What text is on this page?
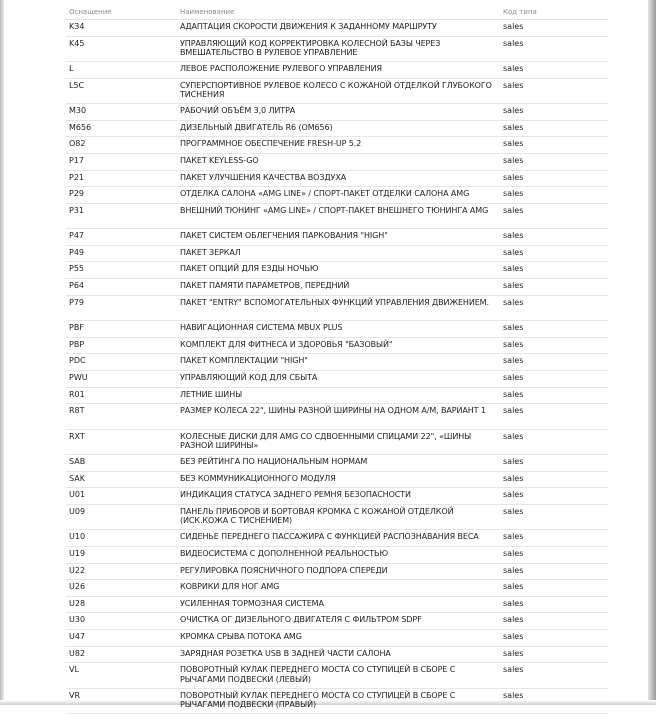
Оснащение	Наименование	Код типа
K34	АДАПТАЦИЯ СКОРОСТИ ДВИЖЕНИЯ К ЗАДАННОМУ МАРШРУТУ	sales
K45	УПРАВЛЯЮЩИЙ КОД КОРРЕКТИРОВКА КОЛЕСНОЙ БАЗЫ ЧЕРЕЗ ВМЕШАТЕЛЬСТВО В РУЛЕВОЕ УПРАВЛЕНИЕ	sales
L	ЛЕВОЕ РАСПОЛОЖЕНИЕ РУЛЕВОГО УПРАВЛЕНИЯ	sales
L5C	СУПЕРСПОРТИВНОЕ РУЛЕВОЕ КОЛЕСО С КОЖАНОЙ ОТДЕЛКОЙ ГЛУБОКОГО ТИСНЕНИЯ	sales
M30	РАБОЧИЙ ОБЪЁМ 3,0 ЛИТРА	sales
M656	ДИЗЕЛЬНЫЙ ДВИГАТЕЛЬ R6 (OM656)	sales
O82	ПРОГРАММНОЕ ОБЕСПЕЧЕНИЕ FRESH-UP 5.2	sales
P17	ПАКЕТ KEYLESS-GO	sales
P21	ПАКЕТ УЛУЧШЕНИЯ КАЧЕСТВА ВОЗДУХА	sales
P29	ОТДЕЛКА САЛОНА «AMG LINE» / СПОРТ-ПАКЕТ ОТДЕЛКИ САЛОНА AMG	sales
P31	ВНЕШНИЙ ТЮНИНГ «AMG LINE» / СПОРТ-ПАКЕТ ВНЕШНЕГО ТЮНИНГА AMG	sales
P47	ПАКЕТ СИСТЕМ ОБЛЕГЧЕНИЯ ПАРКОВАНИЯ "HIGH"	sales
P49	ПАКЕТ ЗЕРКАЛ	sales
P55	ПАКЕТ ОПЦИЙ ДЛЯ ЕЗДЫ НОЧЬЮ	sales
P64	ПАКЕТ ПАМЯТИ ПАРАМЕТРОВ, ПЕРЕДНИЙ	sales
P79	ПАКЕТ "ENTRY" ВСПОМОГАТЕЛЬНЫХ ФУНКЦИЙ УПРАВЛЕНИЯ ДВИЖЕНИЕМ.	sales
PBF	НАВИГАЦИОННАЯ СИСТЕМА MBUX PLUS	sales
PBP	КОМПЛЕКТ ДЛЯ ФИТНЕСА И ЗДОРОВЬЯ "БАЗОВЫЙ"	sales
PDC	ПАКЕТ КОМПЛЕКТАЦИИ "HIGH"	sales
PWU	УПРАВЛЯЮЩИЙ КОД ДЛЯ СБЫТА	sales
R01	ЛЕТНИЕ ШИНЫ	sales
R8T	РАЗМЕР КОЛЕСА 22", ШИНЫ РАЗНОЙ ШИРИНЫ НА ОДНОМ А/М, ВАРИАНТ 1	sales
RXT	КОЛЕСНЫЕ ДИСКИ ДЛЯ AMG СО СДВОЕННЫМИ СПИЦАМИ 22", «ШИНЫ РАЗНОЙ ШИРИНЫ»	sales
SAB	БЕЗ РЕЙТИНГА ПО НАЦИОНАЛЬНЫМ НОРМАМ	sales
SAK	БЕЗ КОММУНИКАЦИОННОГО МОДУЛЯ	sales
U01	ИНДИКАЦИЯ СТАТУСА ЗАДНЕГО РЕМНЯ БЕЗОПАСНОСТИ	sales
U09	ПАНЕЛЬ ПРИБОРОВ И БОРТОВАЯ КРОМКА С КОЖАНОЙ ОТДЕЛКОЙ (ИСК.КОЖА С ТИСНЕНИЕМ)	sales
U10	СИДЕНЬЕ ПЕРЕДНЕГО ПАССАЖИРА С ФУНКЦИЕЙ РАСПОЗНАВАНИЯ ВЕСА	sales
U19	ВИДЕОСИСТЕМА С ДОПОЛНЕННОЙ РЕАЛЬНОСТЬЮ	sales
U22	РЕГУЛИРОВКА ПОЯСНИЧНОГО ПОДПОРА СПЕРЕДИ	sales
U26	КОВРИКИ ДЛЯ НОГ AMG	sales
U28	УСИЛЕННАЯ ТОРМОЗНАЯ СИСТЕМА	sales
U30	ОЧИСТКА ОГ ДИЗЕЛЬНОГО ДВИГАТЕЛЯ С ФИЛЬТРОМ SDPF	sales
U47	КРОМКА СРЫВА ПОТОКА AMG	sales
U82	ЗАРЯДНАЯ РОЗЕТКА USB В ЗАДНЕЙ ЧАСТИ САЛОНА	sales
VL	ПОВОРОТНЫЙ КУЛАК ПЕРЕДНЕГО МОСТА СО СТУПИЦЕЙ В СБОРЕ С РЫЧАГАМИ ПОДВЕСКИ (ЛЕВЫЙ)	sales
VR	ПОВОРОТНЫЙ КУЛАК ПЕРЕДНЕГО МОСТА СО СТУПИЦЕЙ В СБОРЕ С РЫЧАГАМИ ПОДВЕСКИ (ПРАВЫЙ)	sales
